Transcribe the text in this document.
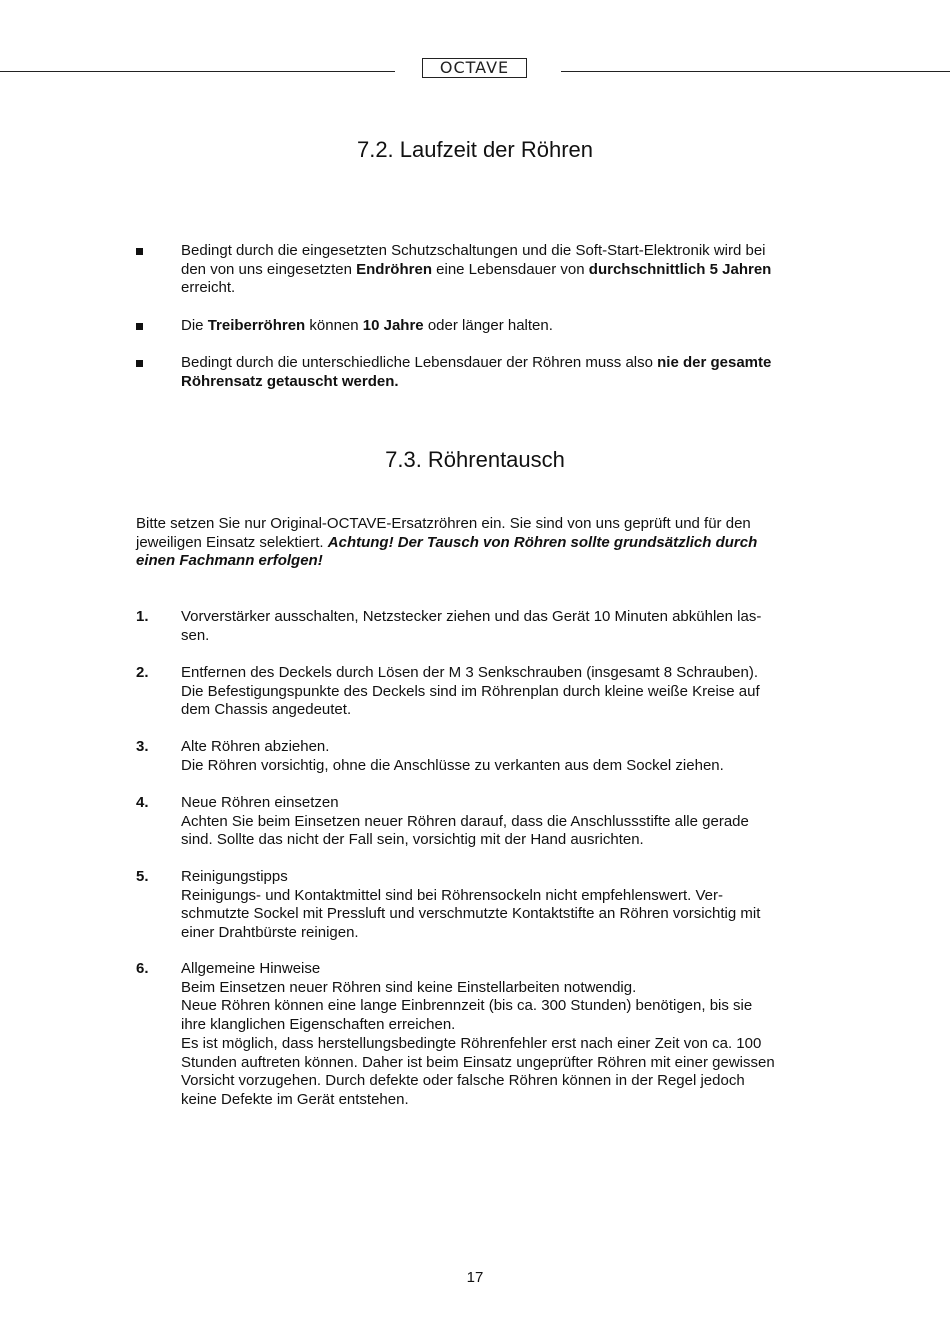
OCTAVE
7.2. Laufzeit der Röhren
Bedingt durch die eingesetzten Schutzschaltungen und die Soft-Start-Elektronik wird bei
den von uns eingesetzten Endröhren eine Lebensdauer von durchschnittlich 5 Jahren
erreicht.
Die Treiberröhren können 10 Jahre oder länger halten.
Bedingt durch die unterschiedliche Lebensdauer der Röhren muss also nie der gesamte
Röhrensatz getauscht werden.
7.3. Röhrentausch
Bitte setzen Sie nur Original-OCTAVE-Ersatzröhren ein. Sie sind von uns geprüft und für den
jeweiligen Einsatz selektiert. Achtung! Der Tausch von Röhren sollte grundsätzlich durch
einen Fachmann erfolgen!
1. Vorverstärker ausschalten, Netzstecker ziehen und das Gerät 10 Minuten abkühlen las-
sen.
2. Entfernen des Deckels durch Lösen der M 3 Senkschrauben (insgesamt 8 Schrauben).
Die Befestigungspunkte des Deckels sind im Röhrenplan durch kleine weiße Kreise auf
dem Chassis angedeutet.
3. Alte Röhren abziehen.
Die Röhren vorsichtig, ohne die Anschlüsse zu verkanten aus dem Sockel ziehen.
4. Neue Röhren einsetzen
Achten Sie beim Einsetzen neuer Röhren darauf, dass die Anschlussstifte alle gerade
sind. Sollte das nicht der Fall sein, vorsichtig mit der Hand ausrichten.
5. Reinigungstipps
Reinigungs- und Kontaktmittel sind bei Röhrensockeln nicht empfehlenswert. Ver-
schmutzte Sockel mit Pressluft und verschmutzte Kontaktstifte an Röhren vorsichtig mit
einer Drahtbürste reinigen.
6. Allgemeine Hinweise
Beim Einsetzen neuer Röhren sind keine Einstellarbeiten notwendig.
Neue Röhren können eine lange Einbrennzeit (bis ca. 300 Stunden) benötigen, bis sie
ihre klanglichen Eigenschaften erreichen.
Es ist möglich, dass herstellungsbedingte Röhrenfehler erst nach einer Zeit von ca. 100
Stunden auftreten können. Daher ist beim Einsatz ungeprüfter Röhren mit einer gewissen
Vorsicht vorzugehen. Durch defekte oder falsche Röhren können in der Regel jedoch
keine Defekte im Gerät entstehen.
17
